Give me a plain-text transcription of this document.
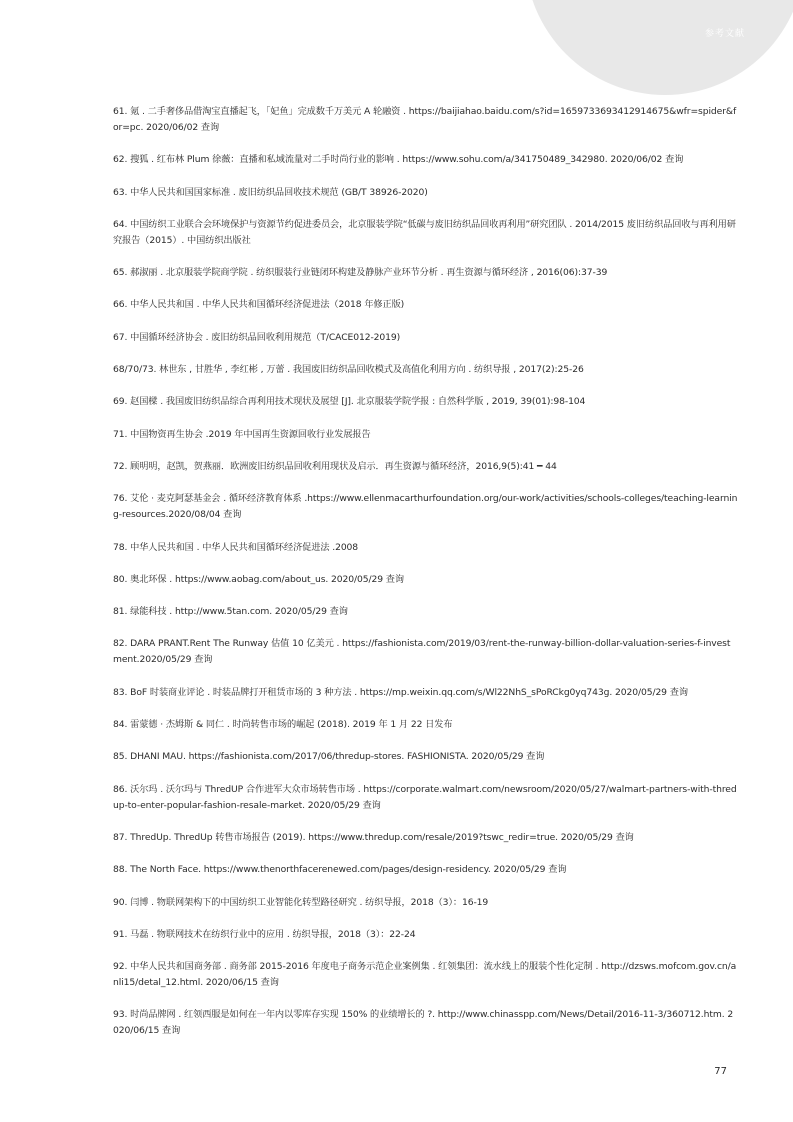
参考文献
61. 氪 . 二手奢侈品借淘宝直播起飞，「妃鱼」完成数千万美元 A 轮融资 . https://baijiahao.baidu.com/s?id=1659733693412914675&wfr=spider&for=pc. 2020/06/02 查询
62. 搜狐 . 红布林 Plum 徐薇：直播和私域流量对二手时尚行业的影响 . https://www.sohu.com/a/341750489_342980. 2020/06/02 查询
63. 中华人民共和国国家标准 . 废旧纺织品回收技术规范 (GB/T 38926-2020)
64. 中国纺织工业联合会环境保护与资源节约促进委员会，北京服装学院“低碳与废旧纺织品回收再利用”研究团队 . 2014/2015 废旧纺织品回收与再利用研究报告（2015）. 中国纺织出版社
65. 郝淑丽 . 北京服装学院商学院 . 纺织服装行业链闭环构建及静脉产业环节分析 . 再生资源与循环经济 , 2016(06):37-39
66. 中华人民共和国 . 中华人民共和国循环经济促进法（2018 年修正版)
67. 中国循环经济协会 . 废旧纺织品回收利用规范（T/CACE012-2019)
68/70/73. 林世东 , 甘胜华 , 李红彬 , 万蕾 . 我国废旧纺织品回收模式及高值化利用方向 . 纺织导报 , 2017(2):25-26
69. 赵国樑 . 我国废旧纺织品综合再利用技术现状及展望 [J]. 北京服装学院学报 : 自然科学版 , 2019, 39(01):98-104
71. 中国物资再生协会 .2019 年中国再生资源回收行业发展报告
72. 顾明明，赵凯，贺燕丽．欧洲废旧纺织品回收利用现状及启示．再生资源与循环经济，2016,9(5):41 ━ 44
76. 艾伦 · 麦克阿瑟基金会 . 循环经济教育体系 .https://www.ellenmacarthurfoundation.org/our-work/activities/schools-colleges/teaching-learning-resources.2020/08/04 查询
78. 中华人民共和国 . 中华人民共和国循环经济促进法 .2008
80. 奥北环保 . https://www.aobag.com/about_us. 2020/05/29 查询
81. 绿能科技 . http://www.5tan.com. 2020/05/29 查询
82. DARA PRANT.Rent The Runway 估值 10 亿美元 . https://fashionista.com/2019/03/rent-the-runway-billion-dollar-valuation-series-f-investment.2020/05/29 查询
83. BoF 时装商业评论 . 时装品牌打开租赁市场的 3 种方法 . https://mp.weixin.qq.com/s/Wl22NhS_sPoRCkg0yq743g. 2020/05/29 查询
84. 雷蒙德 · 杰姆斯 & 同仁 . 时尚转售市场的崛起 (2018). 2019 年 1 月 22 日发布
85. DHANI MAU. https://fashionista.com/2017/06/thredup-stores. FASHIONISTA. 2020/05/29 查询
86. 沃尔玛 . 沃尔玛与 ThredUP 合作进军大众市场转售市场 . https://corporate.walmart.com/newsroom/2020/05/27/walmart-partners-with-thredup-to-enter-popular-fashion-resale-market. 2020/05/29 查询
87. ThredUp. ThredUp 转售市场报告 (2019). https://www.thredup.com/resale/2019?tswc_redir=true. 2020/05/29 查询
88. The North Face. https://www.thenorthfacerenewed.com/pages/design-residency. 2020/05/29 查询
90. 闫博 . 物联网架构下的中国纺织工业智能化转型路径研究 . 纺织导报，2018（3）：16-19
91. 马磊 . 物联网技术在纺织行业中的应用 . 纺织导报，2018（3）：22-24
92. 中华人民共和国商务部 . 商务部 2015-2016 年度电子商务示范企业案例集 . 红领集团：流水线上的服装个性化定制 . http://dzsws.mofcom.gov.cn/anli15/detal_12.html. 2020/06/15 查询
93. 时尚品牌网 . 红领西服是如何在一年内以零库存实现 150% 的业绩增长的 ?. http://www.chinasspp.com/News/Detail/2016-11-3/360712.htm. 2020/06/15 查询
77
